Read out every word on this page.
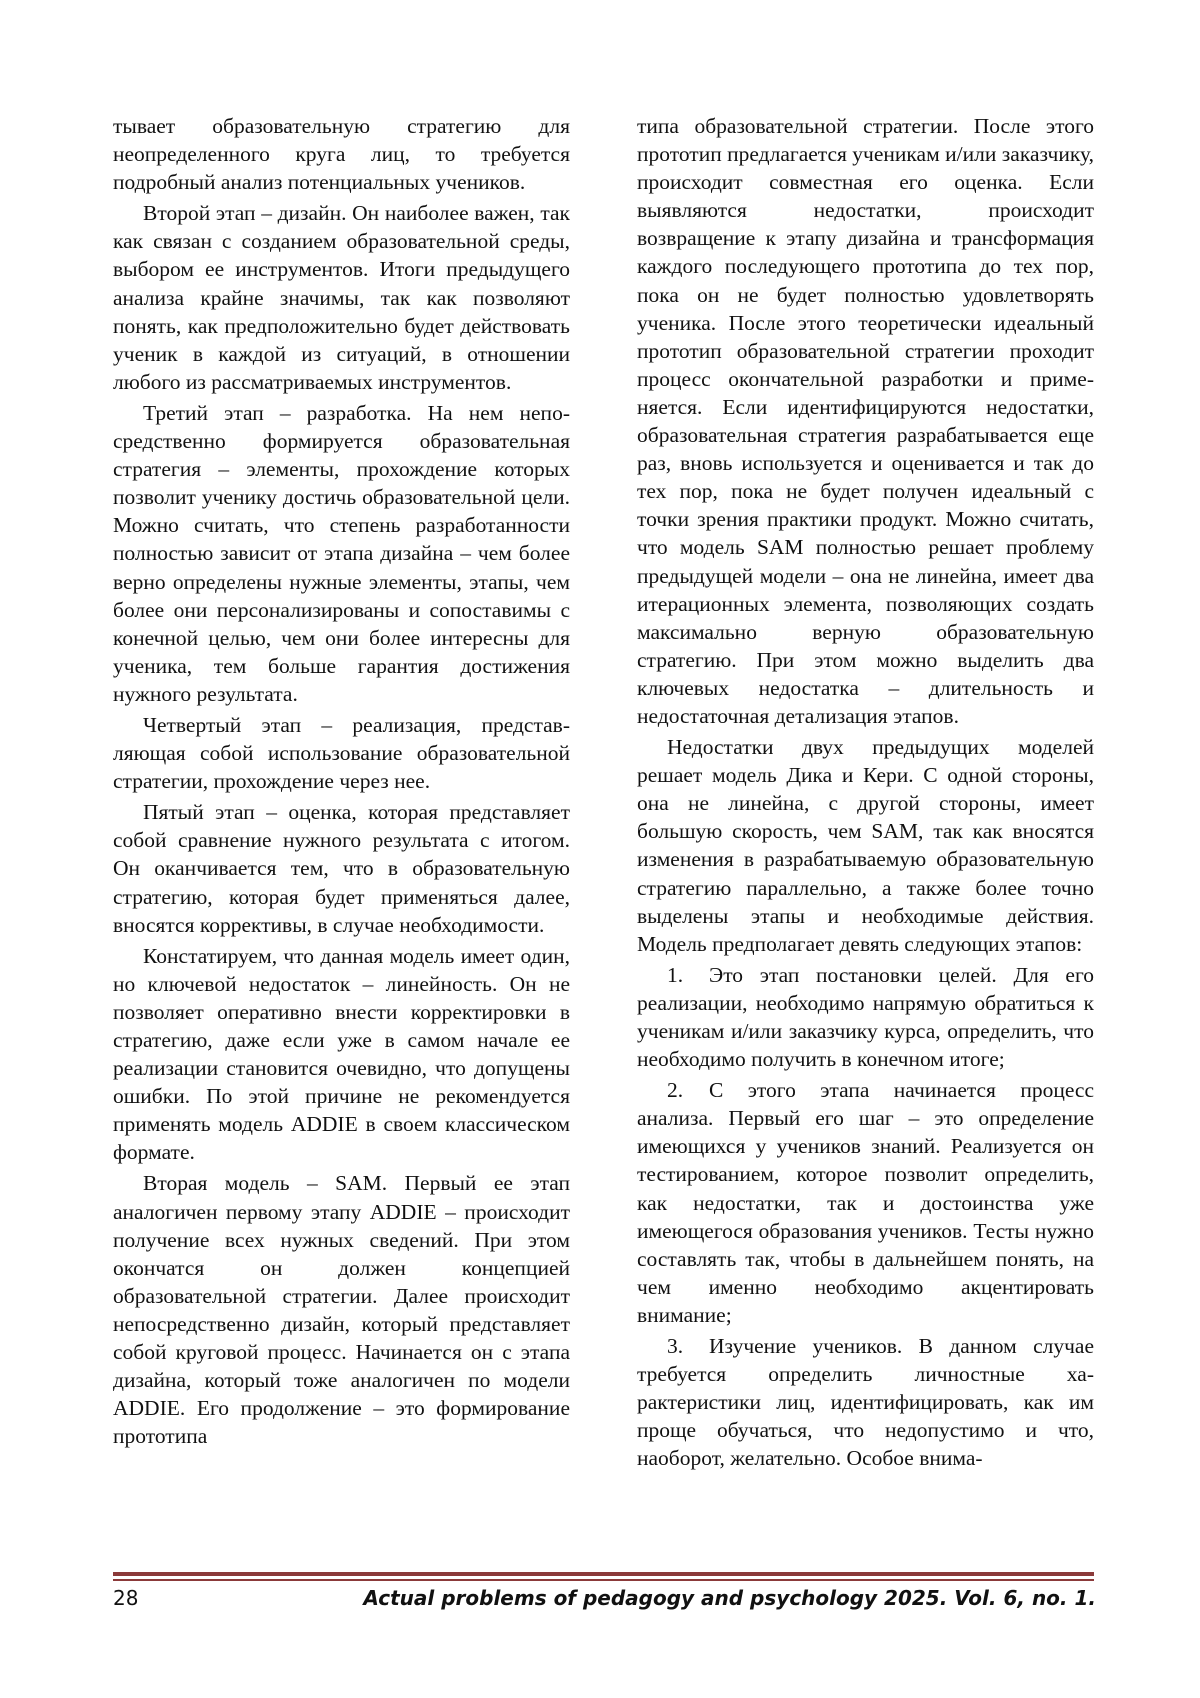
тывает образовательную стратегию для неопределенного круга лиц, то требуется подробный анализ потенциальных учеников.

Второй этап – дизайн. Он наиболее важен, так как связан с созданием образовательной среды, выбором ее инструментов. Итоги предыдущего анализа крайне значимы, так как позволяют понять, как предположительно будет действовать ученик в каждой из ситуаций, в отношении любого из рассматриваемых инструментов.

Третий этап – разработка. На нем непосредственно формируется образовательная стратегия – элементы, прохождение которых позволит ученику достичь образовательной цели. Можно считать, что степень разработанности полностью зависит от этапа дизайна – чем более верно определены нужные элементы, этапы, чем более они персонализированы и сопоставимы с конечной целью, чем они более интересны для ученика, тем больше гарантия достижения нужного результата.

Четвертый этап – реализация, представляющая собой использование образовательной стратегии, прохождение через нее.

Пятый этап – оценка, которая представляет собой сравнение нужного результата с итогом. Он оканчивается тем, что в образовательную стратегию, которая будет применяться далее, вносятся коррективы, в случае необходимости.

Констатируем, что данная модель имеет один, но ключевой недостаток – линейность. Он не позволяет оперативно внести корректировки в стратегию, даже если уже в самом начале ее реализации становится очевидно, что допущены ошибки. По этой причине не рекомендуется применять модель ADDIE в своем классическом формате.

Вторая модель – SAM. Первый ее этап аналогичен первому этапу ADDIE – происходит получение всех нужных сведений. При этом окончатся он должен концепцией образовательной стратегии. Далее происходит непосредственно дизайн, который представляет собой круговой процесс. Начинается он с этапа дизайна, который тоже аналогичен по модели ADDIE. Его продолжение – это формирование прототипа

типа образовательной стратегии. После этого прототип предлагается ученикам и/или заказчику, происходит совместная его оценка. Если выявляются недостатки, происходит возвращение к этапу дизайна и трансформация каждого последующего прототипа до тех пор, пока он не будет полностью удовлетворять ученика. После этого теоретически идеальный прототип образовательной стратегии проходит процесс окончательной разработки и применяется. Если идентифицируются недостатки, образовательная стратегия разрабатывается еще раз, вновь используется и оценивается и так до тех пор, пока не будет получен идеальный с точки зрения практики продукт. Можно считать, что модель SAM полностью решает проблему предыдущей модели – она не линейна, имеет два итерационных элемента, позволяющих создать максимально верную образовательную стратегию. При этом можно выделить два ключевых недостатка – длительность и недостаточная детализация этапов.

Недостатки двух предыдущих моделей решает модель Дика и Кери. С одной стороны, она не линейна, с другой стороны, имеет большую скорость, чем SAM, так как вносятся изменения в разрабатываемую образовательную стратегию параллельно, а также более точно выделены этапы и необходимые действия. Модель предполагает девять следующих этапов:

1. Это этап постановки целей. Для его реализации, необходимо напрямую обратиться к ученикам и/или заказчику курса, определить, что необходимо получить в конечном итоге;

2. С этого этапа начинается процесс анализа. Первый его шаг – это определение имеющихся у учеников знаний. Реализуется он тестированием, которое позволит определить, как недостатки, так и достоинства уже имеющегося образования учеников. Тесты нужно составлять так, чтобы в дальнейшем понять, на чем именно необходимо акцентировать внимание;

3. Изучение учеников. В данном случае требуется определить личностные характеристики лиц, идентифицировать, как им проще обучаться, что недопустимо и что, наоборот, желательно. Особое внима-

28	Actual problems of pedagogy and psychology 2025. Vol. 6, no. 1.
